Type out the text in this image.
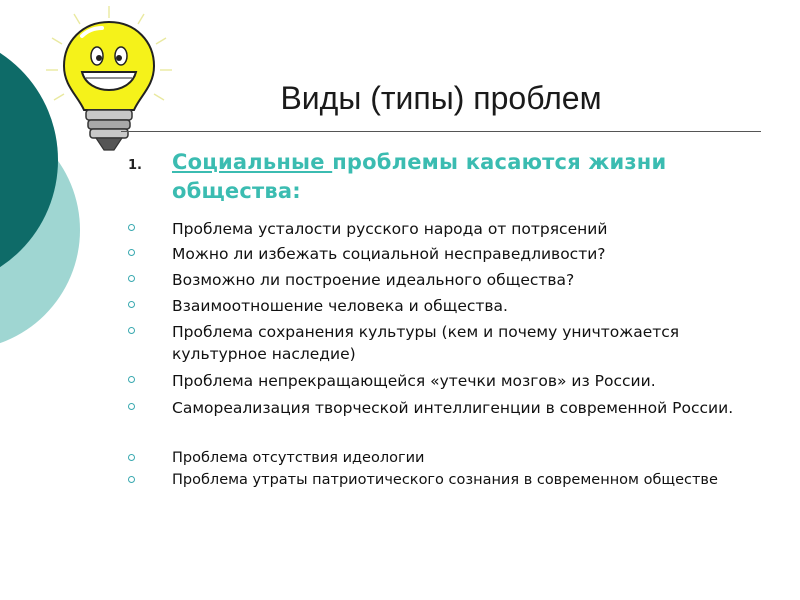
Виды (типы) проблем
1. Социальные проблемы касаются жизни общества:
Проблема усталости русского народа от потрясений
Можно ли избежать социальной несправедливости?
Возможно ли построение идеального общества?
Взаимоотношение человека и общества.
Проблема сохранения культуры (кем и почему уничтожается культурное наследие)
Проблема непрекращающейся «утечки мозгов» из России.
Самореализация творческой интеллигенции в современной России.
Проблема отсутствия идеологии
Проблема утраты патриотического сознания в современном обществе
